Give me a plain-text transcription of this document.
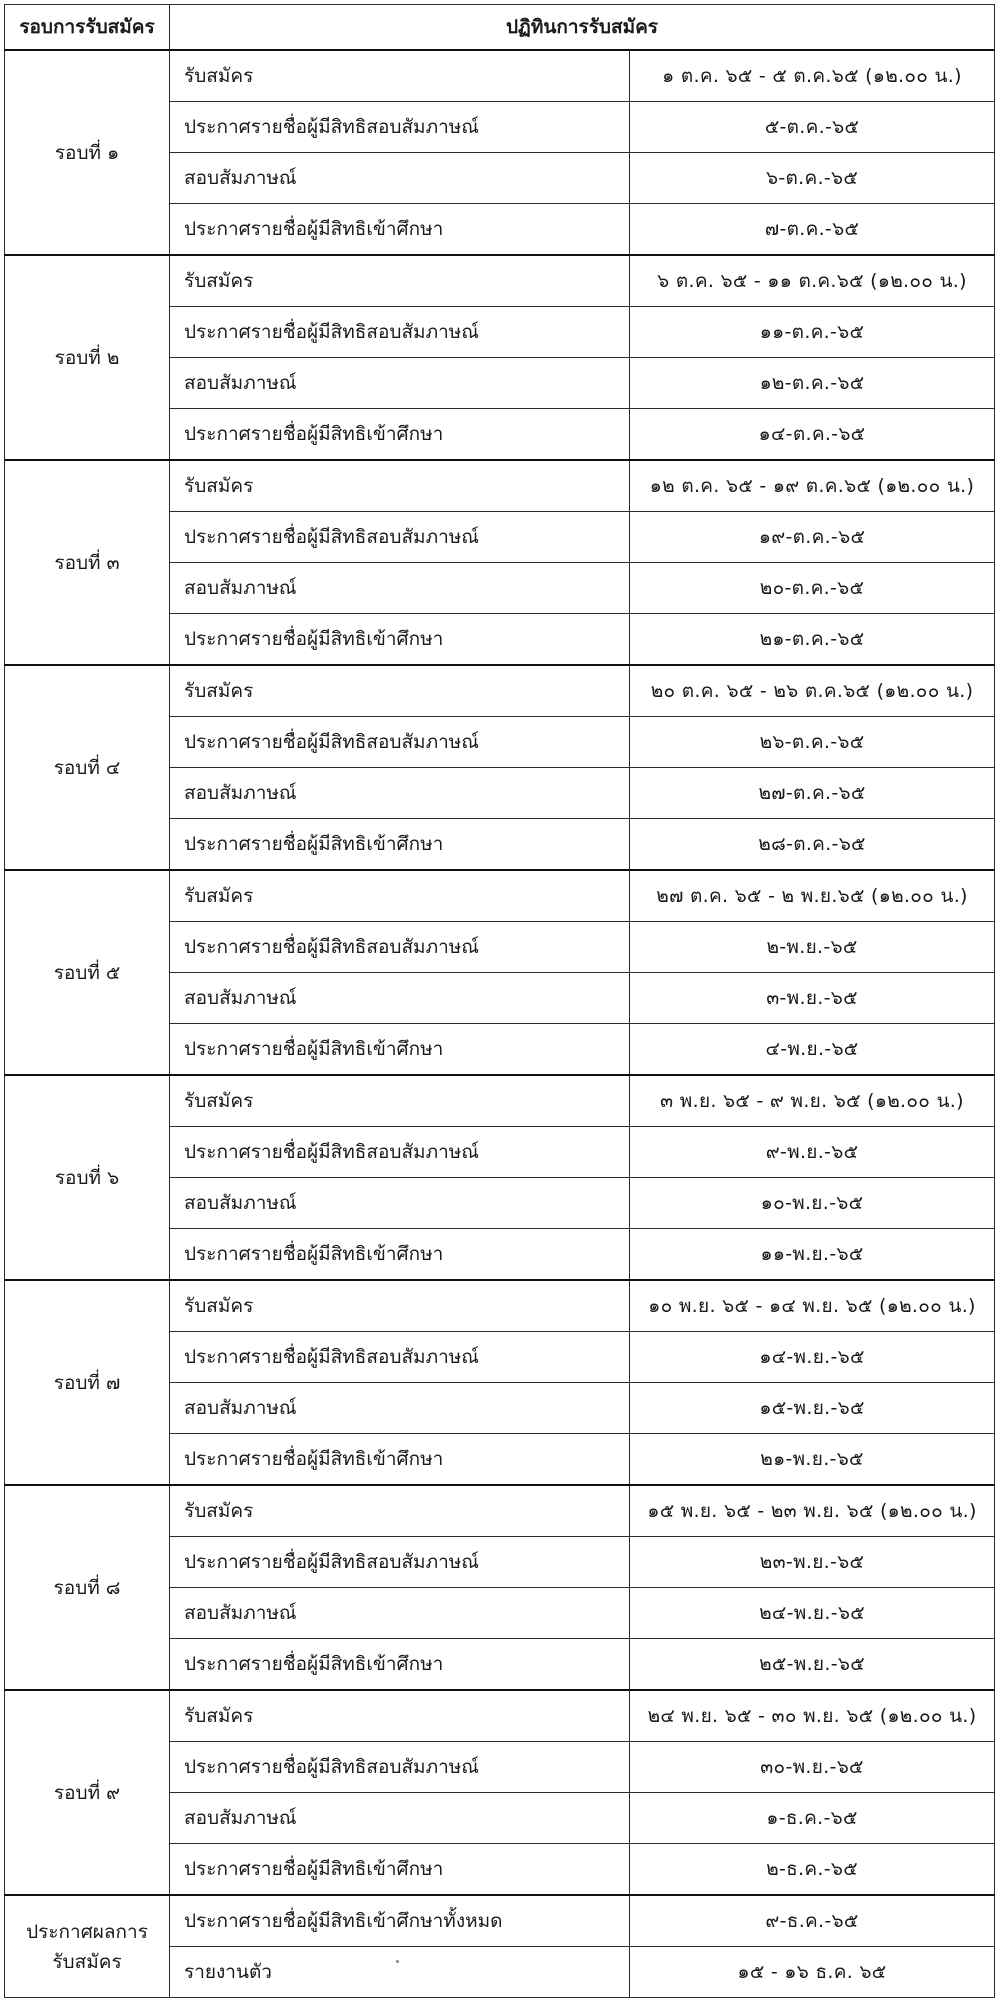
รอบการรับสมัคร	ปฏิทินการรับสมัคร	
รอบที่ ๑	รับสมัคร	๑ ต.ค. ๖๕ - ๕ ต.ค.๖๕ (๑๒.๐๐ น.)
	ประกาศรายชื่อผู้มีสิทธิสอบสัมภาษณ์	๕-ต.ค.-๖๕
	สอบสัมภาษณ์	๖-ต.ค.-๖๕
	ประกาศรายชื่อผู้มีสิทธิเข้าศึกษา	๗-ต.ค.-๖๕
รอบที่ ๒	รับสมัคร	๖ ต.ค. ๖๕ - ๑๑ ต.ค.๖๕ (๑๒.๐๐ น.)
	ประกาศรายชื่อผู้มีสิทธิสอบสัมภาษณ์	๑๑-ต.ค.-๖๕
	สอบสัมภาษณ์	๑๒-ต.ค.-๖๕
	ประกาศรายชื่อผู้มีสิทธิเข้าศึกษา	๑๔-ต.ค.-๖๕
รอบที่ ๓	รับสมัคร	๑๒ ต.ค. ๖๕ - ๑๙ ต.ค.๖๕ (๑๒.๐๐ น.)
	ประกาศรายชื่อผู้มีสิทธิสอบสัมภาษณ์	๑๙-ต.ค.-๖๕
	สอบสัมภาษณ์	๒๐-ต.ค.-๖๕
	ประกาศรายชื่อผู้มีสิทธิเข้าศึกษา	๒๑-ต.ค.-๖๕
รอบที่ ๔	รับสมัคร	๒๐ ต.ค. ๖๕ - ๒๖ ต.ค.๖๕ (๑๒.๐๐ น.)
	ประกาศรายชื่อผู้มีสิทธิสอบสัมภาษณ์	๒๖-ต.ค.-๖๕
	สอบสัมภาษณ์	๒๗-ต.ค.-๖๕
	ประกาศรายชื่อผู้มีสิทธิเข้าศึกษา	๒๘-ต.ค.-๖๕
รอบที่ ๕	รับสมัคร	๒๗ ต.ค. ๖๕ - ๒ พ.ย.๖๕ (๑๒.๐๐ น.)
	ประกาศรายชื่อผู้มีสิทธิสอบสัมภาษณ์	๒-พ.ย.-๖๕
	สอบสัมภาษณ์	๓-พ.ย.-๖๕
	ประกาศรายชื่อผู้มีสิทธิเข้าศึกษา	๔-พ.ย.-๖๕
รอบที่ ๖	รับสมัคร	๓ พ.ย. ๖๕ - ๙ พ.ย. ๖๕ (๑๒.๐๐ น.)
	ประกาศรายชื่อผู้มีสิทธิสอบสัมภาษณ์	๙-พ.ย.-๖๕
	สอบสัมภาษณ์	๑๐-พ.ย.-๖๕
	ประกาศรายชื่อผู้มีสิทธิเข้าศึกษา	๑๑-พ.ย.-๖๕
รอบที่ ๗	รับสมัคร	๑๐ พ.ย. ๖๕ - ๑๔ พ.ย. ๖๕ (๑๒.๐๐ น.)
	ประกาศรายชื่อผู้มีสิทธิสอบสัมภาษณ์	๑๔-พ.ย.-๖๕
	สอบสัมภาษณ์	๑๕-พ.ย.-๖๕
	ประกาศรายชื่อผู้มีสิทธิเข้าศึกษา	๒๑-พ.ย.-๖๕
รอบที่ ๘	รับสมัคร	๑๕ พ.ย. ๖๕ - ๒๓ พ.ย. ๖๕ (๑๒.๐๐ น.)
	ประกาศรายชื่อผู้มีสิทธิสอบสัมภาษณ์	๒๓-พ.ย.-๖๕
	สอบสัมภาษณ์	๒๔-พ.ย.-๖๕
	ประกาศรายชื่อผู้มีสิทธิเข้าศึกษา	๒๕-พ.ย.-๖๕
รอบที่ ๙	รับสมัคร	๒๔ พ.ย. ๖๕ - ๓๐ พ.ย. ๖๕ (๑๒.๐๐ น.)
	ประกาศรายชื่อผู้มีสิทธิสอบสัมภาษณ์	๓๐-พ.ย.-๖๕
	สอบสัมภาษณ์	๑-ธ.ค.-๖๕
	ประกาศรายชื่อผู้มีสิทธิเข้าศึกษา	๒-ธ.ค.-๖๕
ประกาศผลการ
รับสมัคร	ประกาศรายชื่อผู้มีสิทธิเข้าศึกษาทั้งหมด	๙-ธ.ค.-๖๕
	รายงานตัว	๑๕ - ๑๖ ธ.ค. ๖๕
